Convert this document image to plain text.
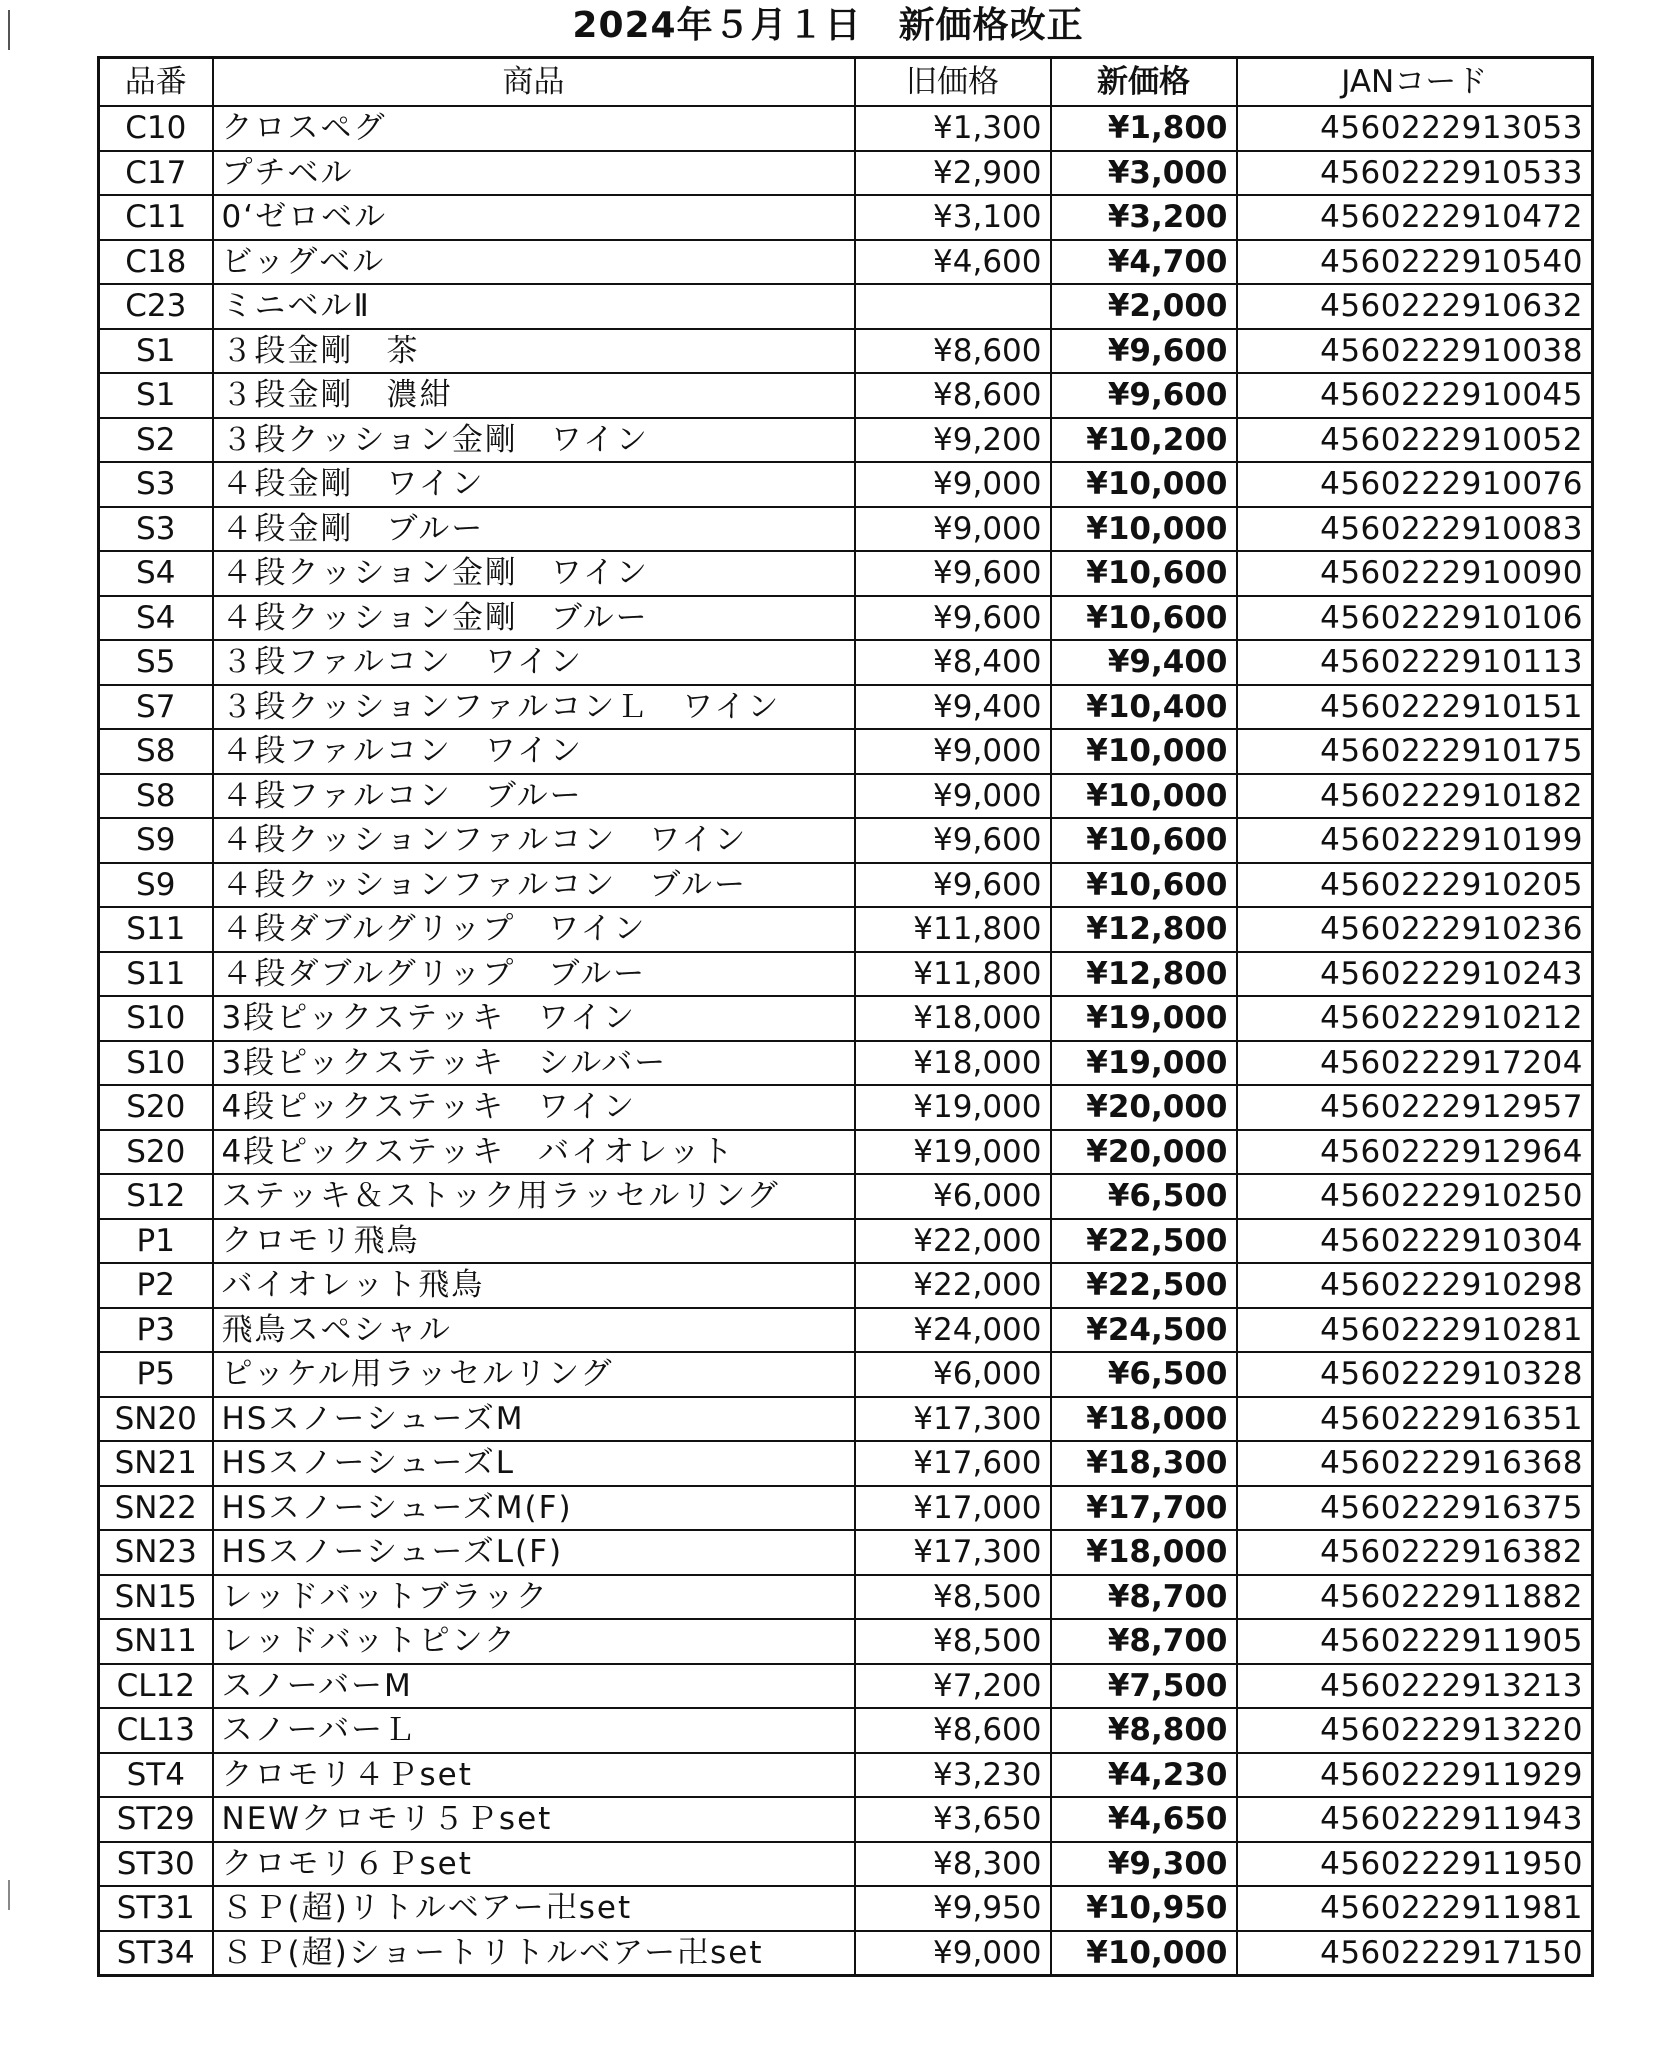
2024年５月１日　新価格改正
品番	商品	旧価格	新価格	JANコード
C10	クロスペグ	¥1,300	¥1,800	4560222913053
C17	プチベル	¥2,900	¥3,000	4560222910533
C11	0‘ゼロベル	¥3,100	¥3,200	4560222910472
C18	ビッグベル	¥4,600	¥4,700	4560222910540
C23	ミニベルⅡ		¥2,000	4560222910632
S1	３段金剛　茶	¥8,600	¥9,600	4560222910038
S1	３段金剛　濃紺	¥8,600	¥9,600	4560222910045
S2	３段クッション金剛　ワイン	¥9,200	¥10,200	4560222910052
S3	４段金剛　ワイン	¥9,000	¥10,000	4560222910076
S3	４段金剛　ブルー	¥9,000	¥10,000	4560222910083
S4	４段クッション金剛　ワイン	¥9,600	¥10,600	4560222910090
S4	４段クッション金剛　ブルー	¥9,600	¥10,600	4560222910106
S5	３段ファルコン　ワイン	¥8,400	¥9,400	4560222910113
S7	３段クッションファルコンＬ　ワイン	¥9,400	¥10,400	4560222910151
S8	４段ファルコン　ワイン	¥9,000	¥10,000	4560222910175
S8	４段ファルコン　ブルー	¥9,000	¥10,000	4560222910182
S9	４段クッションファルコン　ワイン	¥9,600	¥10,600	4560222910199
S9	４段クッションファルコン　ブルー	¥9,600	¥10,600	4560222910205
S11	４段ダブルグリップ　ワイン	¥11,800	¥12,800	4560222910236
S11	４段ダブルグリップ　ブルー	¥11,800	¥12,800	4560222910243
S10	3段ピックステッキ　ワイン	¥18,000	¥19,000	4560222910212
S10	3段ピックステッキ　シルバー	¥18,000	¥19,000	4560222917204
S20	4段ピックステッキ　ワイン	¥19,000	¥20,000	4560222912957
S20	4段ピックステッキ　バイオレット	¥19,000	¥20,000	4560222912964
S12	ステッキ＆ストック用ラッセルリング	¥6,000	¥6,500	4560222910250
P1	クロモリ飛鳥	¥22,000	¥22,500	4560222910304
P2	バイオレット飛鳥	¥22,000	¥22,500	4560222910298
P3	飛鳥スペシャル	¥24,000	¥24,500	4560222910281
P5	ピッケル用ラッセルリング	¥6,000	¥6,500	4560222910328
SN20	HSスノーシューズM	¥17,300	¥18,000	4560222916351
SN21	HSスノーシューズL	¥17,600	¥18,300	4560222916368
SN22	HSスノーシューズM(F)	¥17,000	¥17,700	4560222916375
SN23	HSスノーシューズL(F)	¥17,300	¥18,000	4560222916382
SN15	レッドバットブラック	¥8,500	¥8,700	4560222911882
SN11	レッドバットピンク	¥8,500	¥8,700	4560222911905
CL12	スノーバーM	¥7,200	¥7,500	4560222913213
CL13	スノーバーＬ	¥8,600	¥8,800	4560222913220
ST4	クロモリ４Ｐset	¥3,230	¥4,230	4560222911929
ST29	NEWクロモリ５Ｐset	¥3,650	¥4,650	4560222911943
ST30	クロモリ６Ｐset	¥8,300	¥9,300	4560222911950
ST31	ＳＰ(超)リトルベアー卍set	¥9,950	¥10,950	4560222911981
ST34	ＳＰ(超)ショートリトルベアー卍set	¥9,000	¥10,000	4560222917150
